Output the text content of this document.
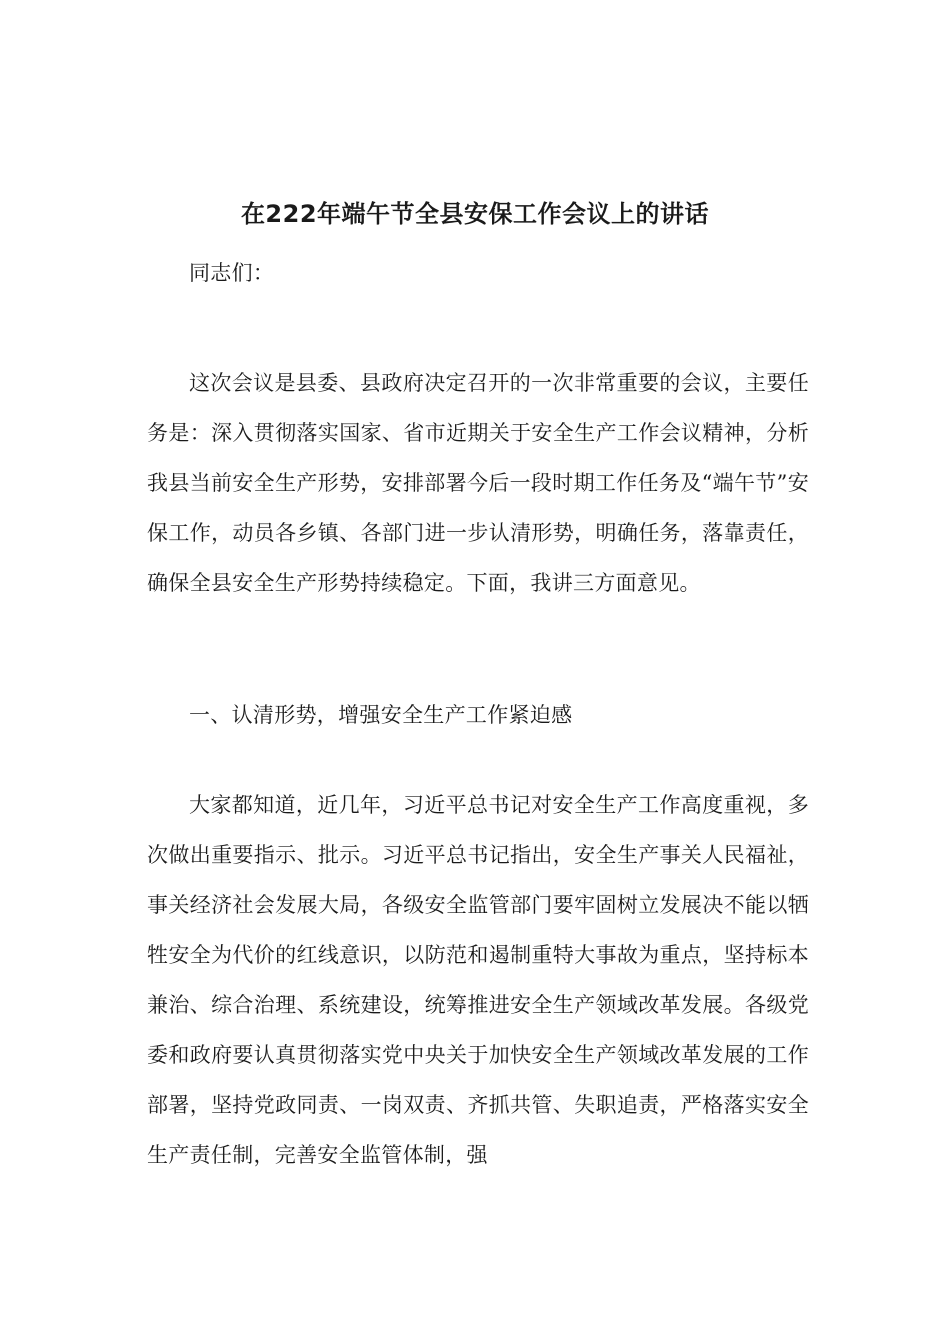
在222年端午节全县安保工作会议上的讲话

同志们：

这次会议是县委、县政府决定召开的一次非常重要的会议，主要任务是：深入贯彻落实国家、省市近期关于安全生产工作会议精神，分析我县当前安全生产形势，安排部署今后一段时期工作任务及“端午节”安保工作，动员各乡镇、各部门进一步认清形势，明确任务，落靠责任，确保全县安全生产形势持续稳定。下面，我讲三方面意见。

一、认清形势，增强安全生产工作紧迫感

大家都知道，近几年，习近平总书记对安全生产工作高度重视，多次做出重要指示、批示。习近平总书记指出，安全生产事关人民福祉，事关经济社会发展大局，各级安全监管部门要牢固树立发展决不能以牺牲安全为代价的红线意识，以防范和遏制重特大事故为重点，坚持标本兼治、综合治理、系统建设，统筹推进安全生产领域改革发展。各级党委和政府要认真贯彻落实党中央关于加快安全生产领域改革发展的工作部署，坚持党政同责、一岗双责、齐抓共管、失职追责，严格落实安全生产责任制，完善安全监管体制，强
